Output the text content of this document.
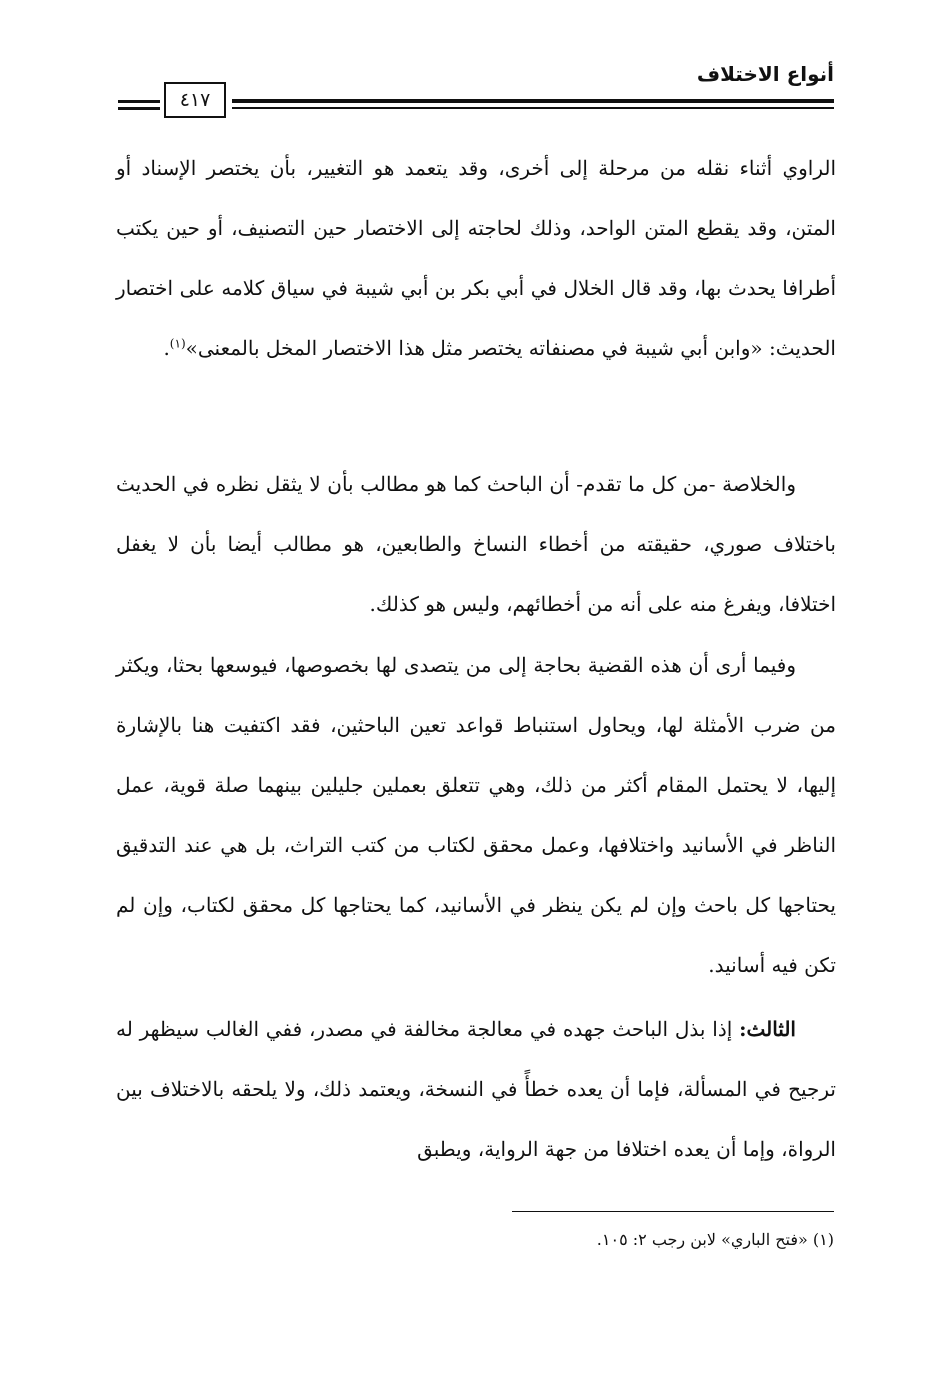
أنواع الاختلاف
٤١٧

الراوي أثناء نقله من مرحلة إلى أخرى، وقد يتعمد هو التغيير، بأن يختصر الإسناد أو المتن، وقد يقطع المتن الواحد، وذلك لحاجته إلى الاختصار حين التصنيف، أو حين يكتب أطرافا يحدث بها، وقد قال الخلال في أبي بكر بن أبي شيبة في سياق كلامه على اختصار الحديث: «وابن أبي شيبة في مصنفاته يختصر مثل هذا الاختصار المخل بالمعنى»$^{(١)}$.

والخلاصة -من كل ما تقدم- أن الباحث كما هو مطالب بأن لا يثقل نظره في الحديث باختلاف صوري، حقيقته من أخطاء النساخ والطابعين، هو مطالب أيضا بأن لا يغفل اختلافا، ويفرغ منه على أنه من أخطائهم، وليس هو كذلك.

وفيما أرى أن هذه القضية بحاجة إلى من يتصدى لها بخصوصها، فيوسعها بحثا، ويكثر من ضرب الأمثلة لها، ويحاول استنباط قواعد تعين الباحثين، فقد اكتفيت هنا بالإشارة إليها، لا يحتمل المقام أكثر من ذلك، وهي تتعلق بعملين جليلين بينهما صلة قوية، عمل الناظر في الأسانيد واختلافها، وعمل محقق لكتاب من كتب التراث، بل هي عند التدقيق يحتاجها كل باحث وإن لم يكن ينظر في الأسانيد، كما يحتاجها كل محقق لكتاب، وإن لم تكن فيه أسانيد.

الثالث: إذا بذل الباحث جهده في معالجة مخالفة في مصدر، ففي الغالب سيظهر له ترجيح في المسألة، فإما أن يعده خطأً في النسخة، ويعتمد ذلك، ولا يلحقه بالاختلاف بين الرواة، وإما أن يعده اختلافا من جهة الرواية، ويطبق

(١) «فتح الباري» لابن رجب ٢: ١٠٥.
